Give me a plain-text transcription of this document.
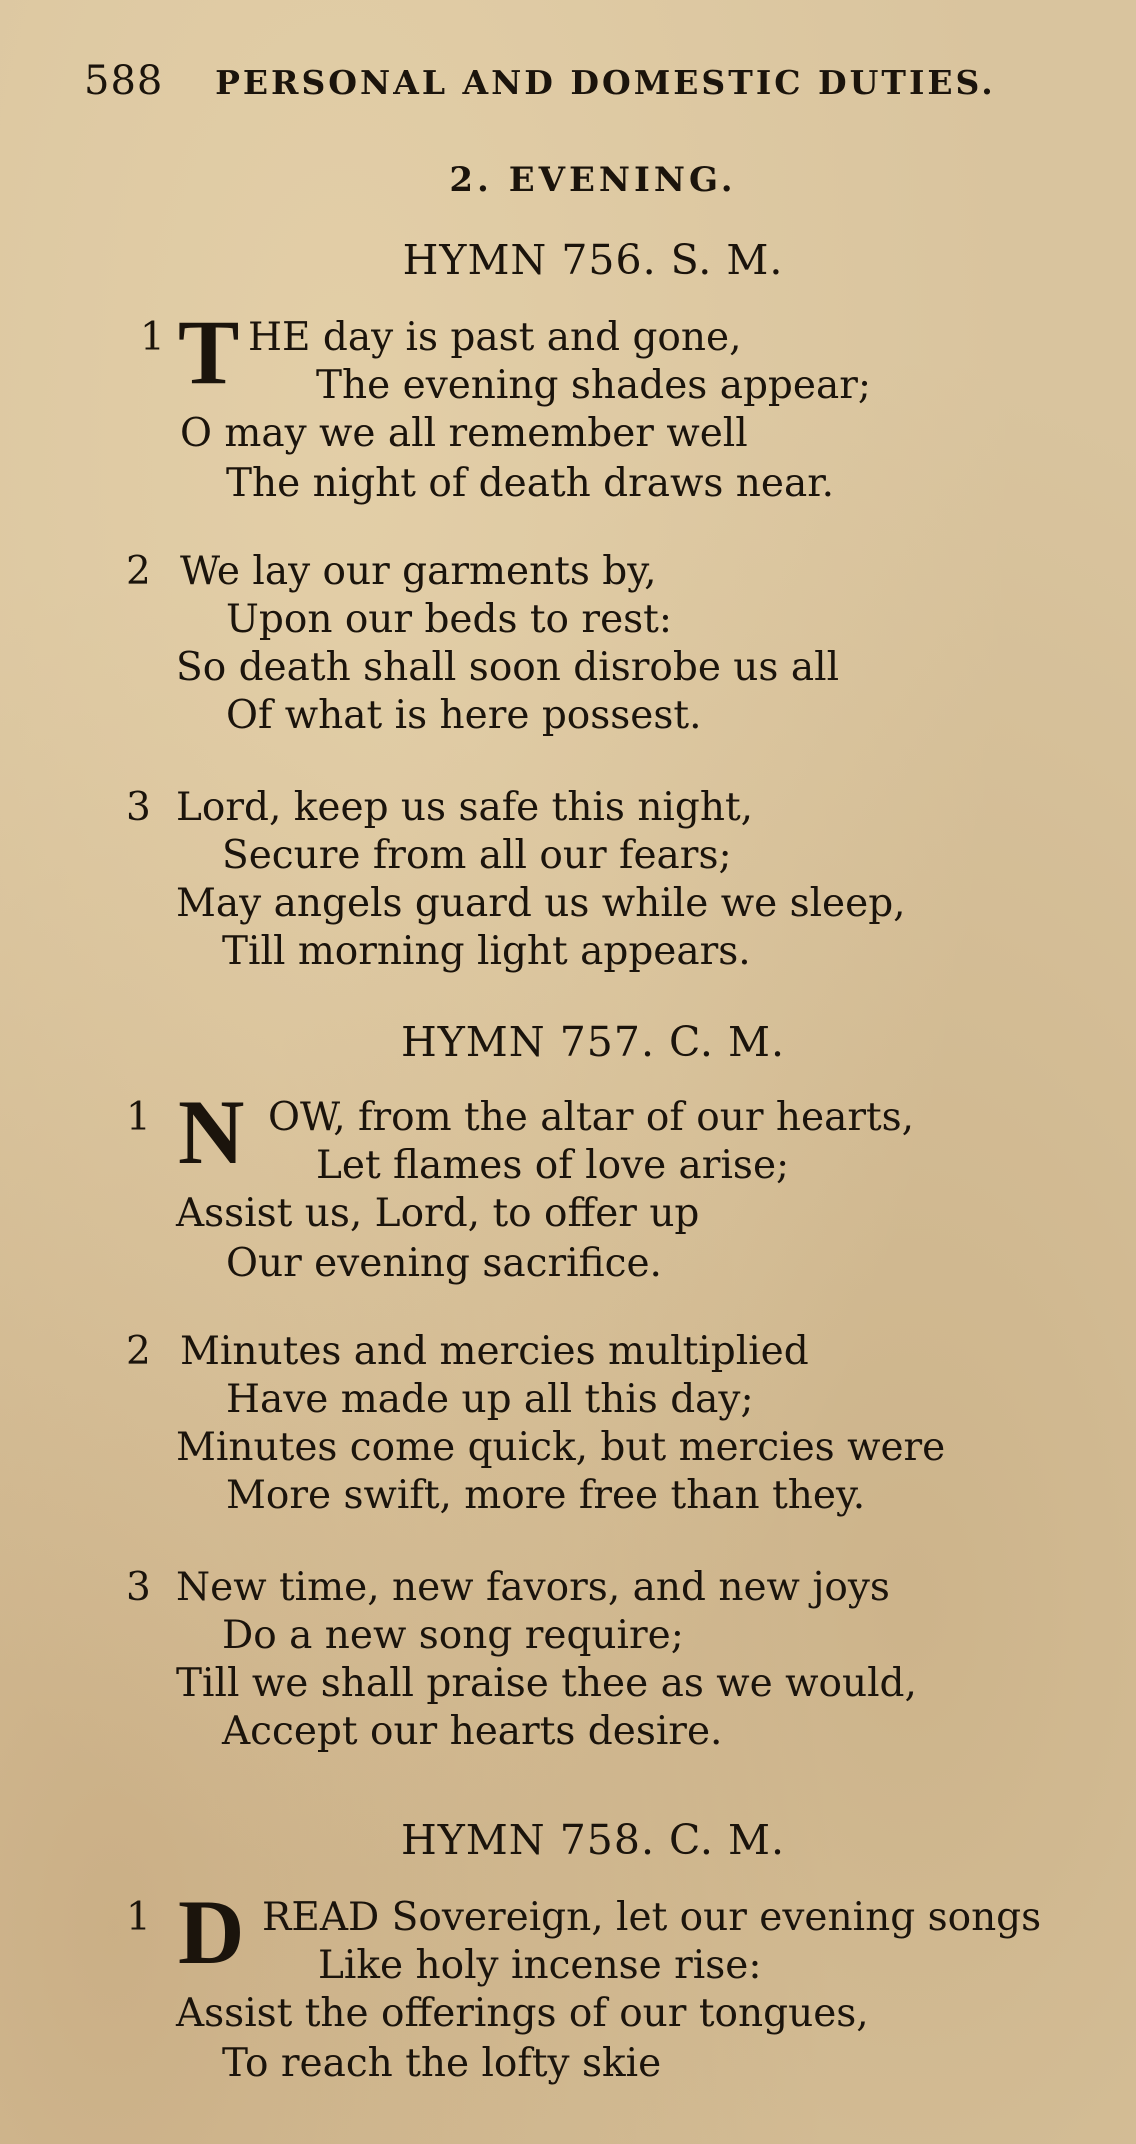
588 PERSONAL AND DOMESTIC DUTIES.
2. EVENING.
HYMN 756. S. M.
1 T HE day is past and gone,
The evening shades appear;
O may we all remember well
The night of death draws near.
2 We lay our garments by,
Upon our beds to rest:
So death shall soon disrobe us all
Of what is here possest.
3 Lord, keep us safe this night,
Secure from all our fears;
May angels guard us while we sleep,
Till morning light appears.
HYMN 757. C. M.
1 N OW, from the altar of our hearts,
Let flames of love arise;
Assist us, Lord, to offer up
Our evening sacrifice.
2 Minutes and mercies multiplied
Have made up all this day;
Minutes come quick, but mercies were
More swift, more free than they.
3 New time, new favors, and new joys
Do a new song require;
Till we shall praise thee as we would,
Accept our hearts desire.
HYMN 758. C. M.
1 D READ Sovereign, let our evening songs
Like holy incense rise:
Assist the offerings of our tongues,
To reach the lofty skie
